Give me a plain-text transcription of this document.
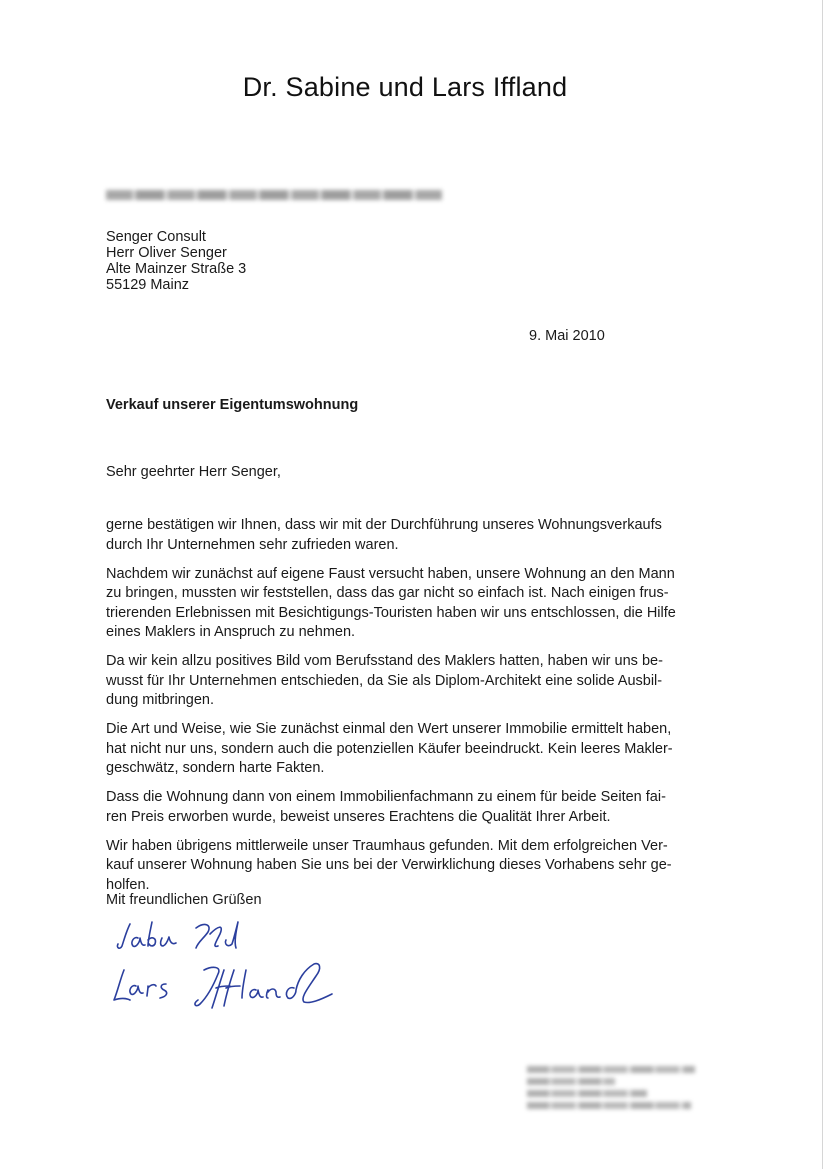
Dr. Sabine und Lars Iffland
Senger Consult
Herr Oliver Senger
Alte Mainzer Straße 3
55129 Mainz
9. Mai 2010
Verkauf unserer Eigentumswohnung
Sehr geehrter Herr Senger,

gerne bestätigen wir Ihnen, dass wir mit der Durchführung unseres Wohnungsverkaufs
durch Ihr Unternehmen sehr zufrieden waren.

Nachdem wir zunächst auf eigene Faust versucht haben, unsere Wohnung an den Mann
zu bringen, mussten wir feststellen, dass das gar nicht so einfach ist. Nach einigen frus-
trierenden Erlebnissen mit Besichtigungs-Touristen haben wir uns entschlossen, die Hilfe
eines Maklers in Anspruch zu nehmen.

Da wir kein allzu positives Bild vom Berufsstand des Maklers hatten, haben wir uns be-
wusst für Ihr Unternehmen entschieden, da Sie als Diplom-Architekt eine solide Ausbil-
dung mitbringen.

Die Art und Weise, wie Sie zunächst einmal den Wert unserer Immobilie ermittelt haben,
hat nicht nur uns, sondern auch die potenziellen Käufer beeindruckt. Kein leeres Makler-
geschwätz, sondern harte Fakten.

Dass die Wohnung dann von einem Immobilienfachmann zu einem für beide Seiten fai-
ren Preis erworben wurde, beweist unseres Erachtens die Qualität Ihrer Arbeit.

Wir haben übrigens mittlerweile unser Traumhaus gefunden. Mit dem erfolgreichen Ver-
kauf unserer Wohnung haben Sie uns bei der Verwirklichung dieses Vorhabens sehr ge-
holfen.

Mit freundlichen Grüßen
